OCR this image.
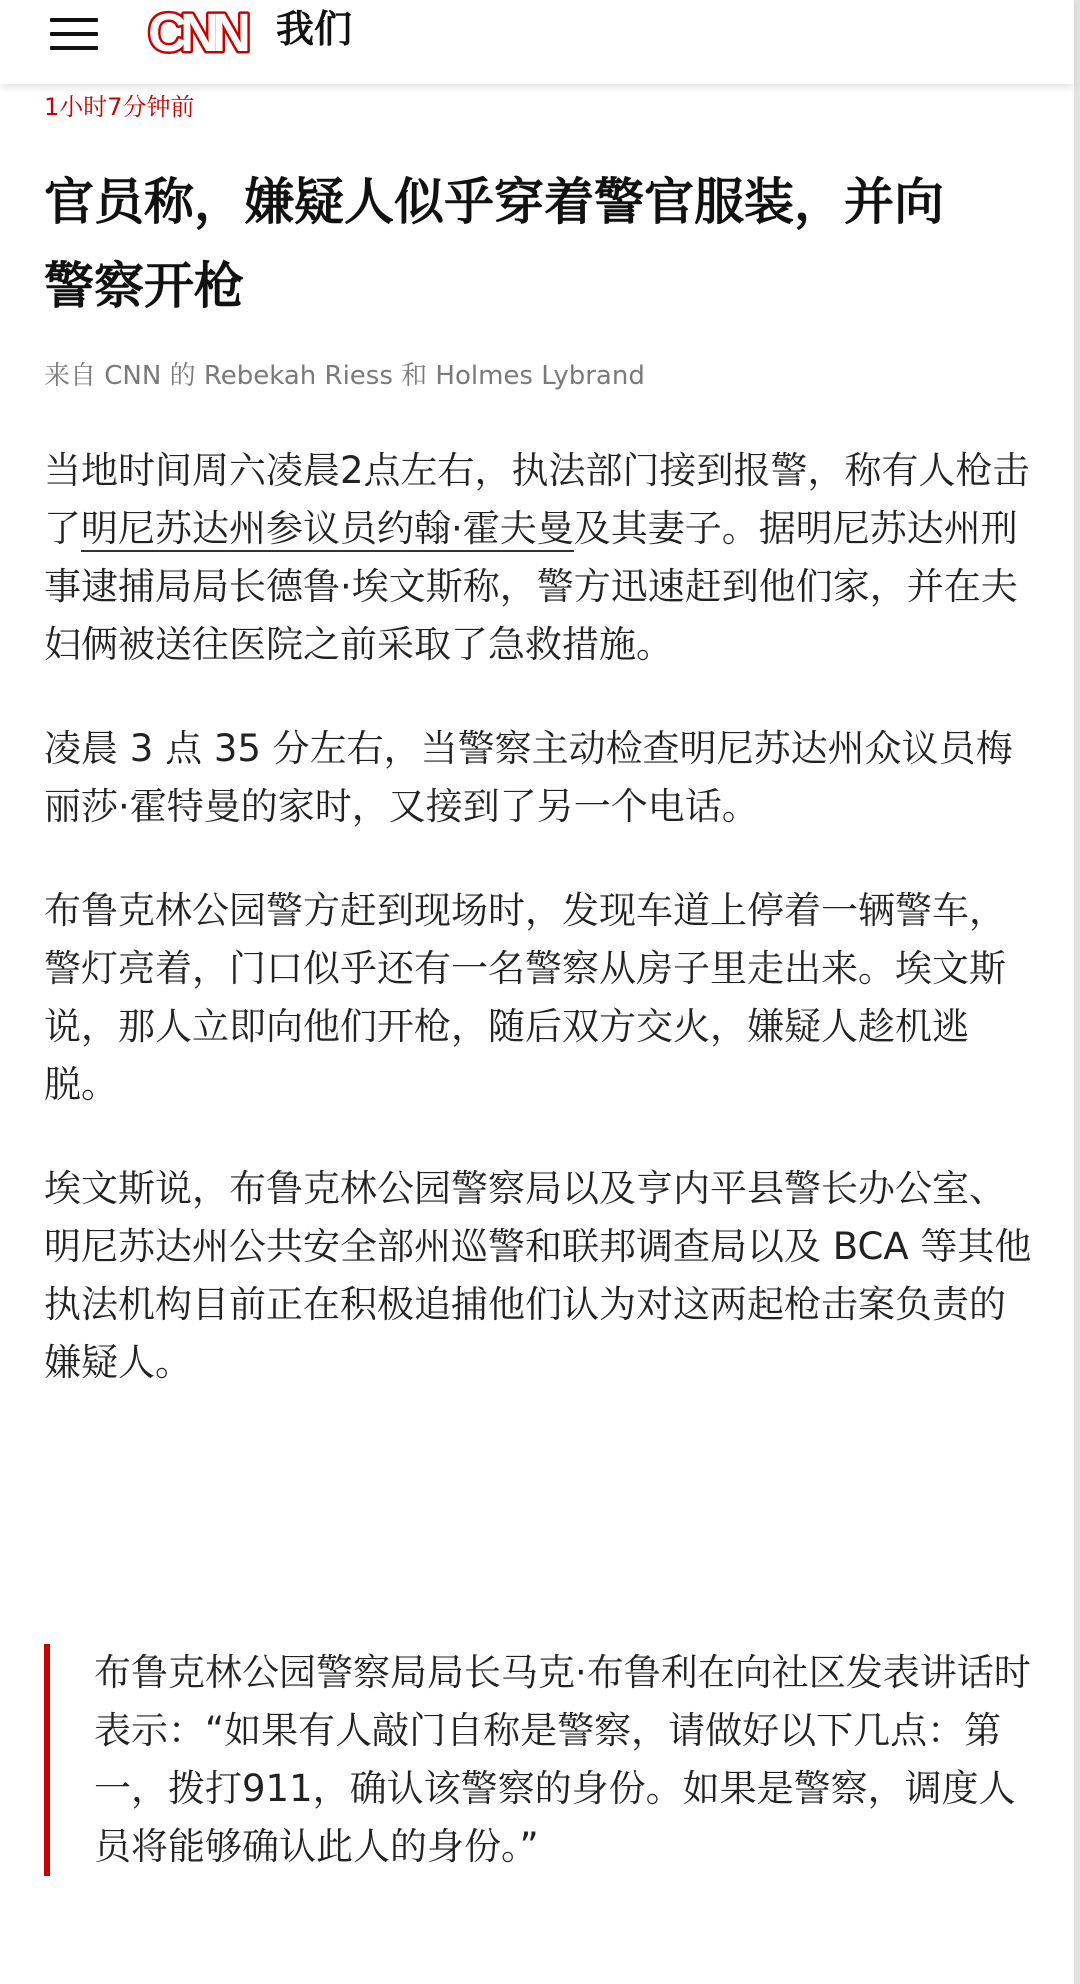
CNN 我们
1小时7分钟前
官员称，嫌疑人似乎穿着警官服装，并向警察开枪
来自 CNN 的 Rebekah Riess 和 Holmes Lybrand

当地时间周六凌晨2点左右，执法部门接到报警，称有人枪击了明尼苏达州参议员约翰·霍夫曼及其妻子。据明尼苏达州刑事逮捕局局长德鲁·埃文斯称，警方迅速赶到他们家，并在夫妇俩被送往医院之前采取了急救措施。

凌晨 3 点 35 分左右，当警察主动检查明尼苏达州众议员梅丽莎·霍特曼的家时，又接到了另一个电话。

布鲁克林公园警方赶到现场时，发现车道上停着一辆警车，警灯亮着，门口似乎还有一名警察从房子里走出来。埃文斯说，那人立即向他们开枪，随后双方交火，嫌疑人趁机逃脱。

埃文斯说，布鲁克林公园警察局以及亨内平县警长办公室、明尼苏达州公共安全部州巡警和联邦调查局以及 BCA 等其他执法机构目前正在积极追捕他们认为对这两起枪击案负责的嫌疑人。

布鲁克林公园警察局局长马克·布鲁利在向社区发表讲话时表示：“如果有人敲门自称是警察，请做好以下几点：第一，拨打911，确认该警察的身份。如果是警察，调度人员将能够确认此人的身份。”
